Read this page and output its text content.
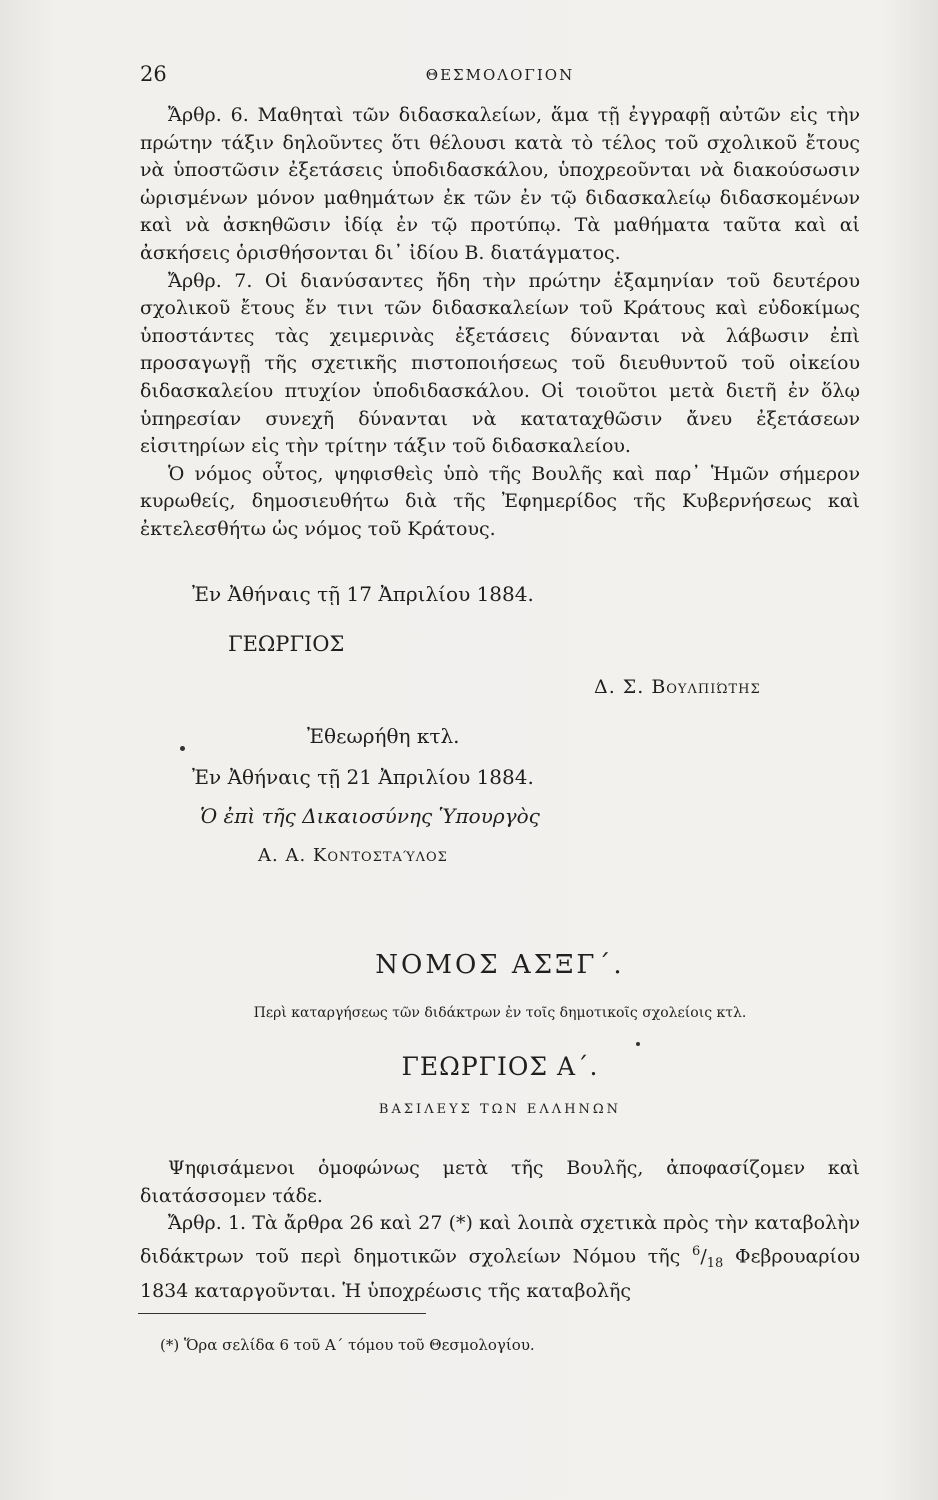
26	ΘΕΣΜΟΛΟΓΙΟΝ

Ἄρθρ. 6. Μαθηταὶ τῶν διδασκαλείων, ἅμα τῇ ἐγγραφῇ αὐτῶν εἰς τὴν πρώτην τάξιν δηλοῦντες ὅτι θέλουσι κατὰ τὸ τέλος τοῦ σχολικοῦ ἔτους νὰ ὑποστῶσιν ἐξετάσεις ὑποδιδασκάλου, ὑποχρεοῦνται νὰ διακούσωσιν ὡρισμένων μόνον μαθημάτων ἐκ τῶν ἐν τῷ διδασκαλείῳ διδασκομένων καὶ νὰ ἀσκηθῶσιν ἰδίᾳ ἐν τῷ προτύπῳ. Τὰ μαθήματα ταῦτα καὶ αἱ ἀσκήσεις ὁρισθήσονται δι᾽ ἰδίου Β. διατάγματος.

Ἄρθρ. 7. Οἱ διανύσαντες ἤδη τὴν πρώτην ἑξαμηνίαν τοῦ δευτέρου σχολικοῦ ἔτους ἔν τινι τῶν διδασκαλείων τοῦ Κράτους καὶ εὐδοκίμως ὑποστάντες τὰς χειμερινὰς ἐξετάσεις δύνανται νὰ λάβωσιν ἐπὶ προσαγωγῇ τῆς σχετικῆς πιστοποιήσεως τοῦ διευθυντοῦ τοῦ οἰκείου διδασκαλείου πτυχίον ὑποδιδασκάλου. Οἱ τοιοῦτοι μετὰ διετῆ ἐν ὅλῳ ὑπηρεσίαν συνεχῆ δύνανται νὰ καταταχθῶσιν ἄνευ ἐξετάσεων εἰσιτηρίων εἰς τὴν τρίτην τάξιν τοῦ διδασκαλείου.

Ὁ νόμος οὗτος, ψηφισθεὶς ὑπὸ τῆς Βουλῆς καὶ παρ᾽ Ἡμῶν σήμερον κυρωθείς, δημοσιευθήτω διὰ τῆς Ἐφημερίδος τῆς Κυβερνήσεως καὶ ἐκτελεσθήτω ὡς νόμος τοῦ Κράτους.

Ἐν Ἀθήναις τῇ 17 Ἀπριλίου 1884.
ΓΕΩΡΓΙΟΣ
Δ. Σ. Βουλπιώτης
Ἐθεωρήθη κτλ.
Ἐν Ἀθήναις τῇ 21 Ἀπριλίου 1884.
Ὁ ἐπὶ τῆς Δικαιοσύνης Ὑπουργὸς
Α. Α. Κοντοσταύλος
ΝΟΜΟΣ ΑΣΞΓ΄.
Περὶ καταργήσεως τῶν διδάκτρων ἐν τοῖς δημοτικοῖς σχολείοις κτλ.
ΓΕΩΡΓΙΟΣ Α΄.
ΒΑΣΙΛΕΥΣ ΤΩΝ ΕΛΛΗΝΩΝ

Ψηφισάμενοι ὁμοφώνως μετὰ τῆς Βουλῆς, ἀποφασίζομεν καὶ διατάσσομεν τάδε.

Ἄρθρ. 1. Τὰ ἄρθρα 26 καὶ 27 (*) καὶ λοιπὰ σχετικὰ πρὸς τὴν καταβολὴν διδάκτρων τοῦ περὶ δημοτικῶν σχολείων Νόμου τῆς $^6/_{18}$ Φεβρουαρίου 1834 καταργοῦνται. Ἡ ὑποχρέωσις τῆς καταβολῆς

(*) Ὅρα σελίδα 6 τοῦ Α΄ τόμου τοῦ Θεσμολογίου.
